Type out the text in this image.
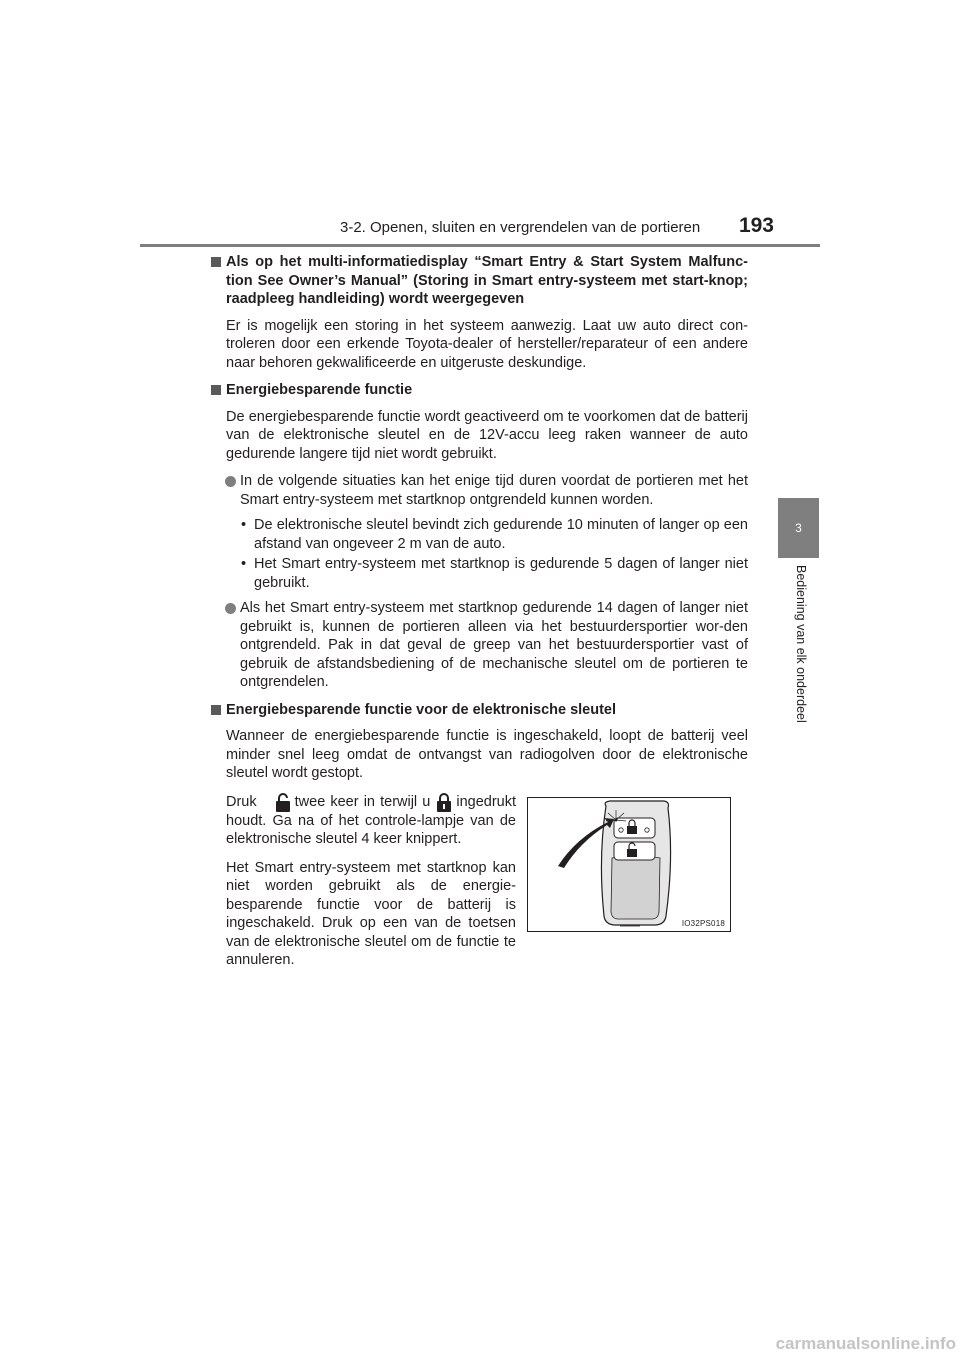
3-2. Openen, sluiten en vergrendelen van de portieren	193
3
Bediening van elk onderdeel

Als op het multi-informatiedisplay “Smart Entry & Start System Malfunc-tion See Owner’s Manual” (Storing in Smart entry-systeem met start-knop; raadpleeg handleiding) wordt weergegeven

Er is mogelijk een storing in het systeem aanwezig. Laat uw auto direct con-troleren door een erkende Toyota-dealer of hersteller/reparateur of een andere naar behoren gekwalificeerde en uitgeruste deskundige.

Energiebesparende functie

De energiebesparende functie wordt geactiveerd om te voorkomen dat de batterij van de elektronische sleutel en de 12V-accu leeg raken wanneer de auto gedurende langere tijd niet wordt gebruikt.

In de volgende situaties kan het enige tijd duren voordat de portieren met het Smart entry-systeem met startknop ontgrendeld kunnen worden.

• De elektronische sleutel bevindt zich gedurende 10 minuten of langer op een afstand van ongeveer 2 m van de auto.

• Het Smart entry-systeem met startknop is gedurende 5 dagen of langer niet gebruikt.

Als het Smart entry-systeem met startknop gedurende 14 dagen of langer niet gebruikt is, kunnen de portieren alleen via het bestuurdersportier wor-den ontgrendeld. Pak in dat geval de greep van het bestuurdersportier vast of gebruik de afstandsbediening of de mechanische sleutel om de portieren te ontgrendelen.

Energiebesparende functie voor de elektronische sleutel

Wanneer de energiebesparende functie is ingeschakeld, loopt de batterij veel minder snel leeg omdat de ontvangst van radiogolven door de elektronische sleutel wordt gestopt.

Druk	twee keer in terwijl u ingedrukt houdt. Ga na of het controle-lampje van de elektronische sleutel 4 keer knippert.

Het Smart entry-systeem met startknop kan niet worden gebruikt als de energie-besparende functie voor de batterij is ingeschakeld. Druk op een van de toetsen van de elektronische sleutel om de functie te annuleren.

IO32PS018
carmanualsonline.info
